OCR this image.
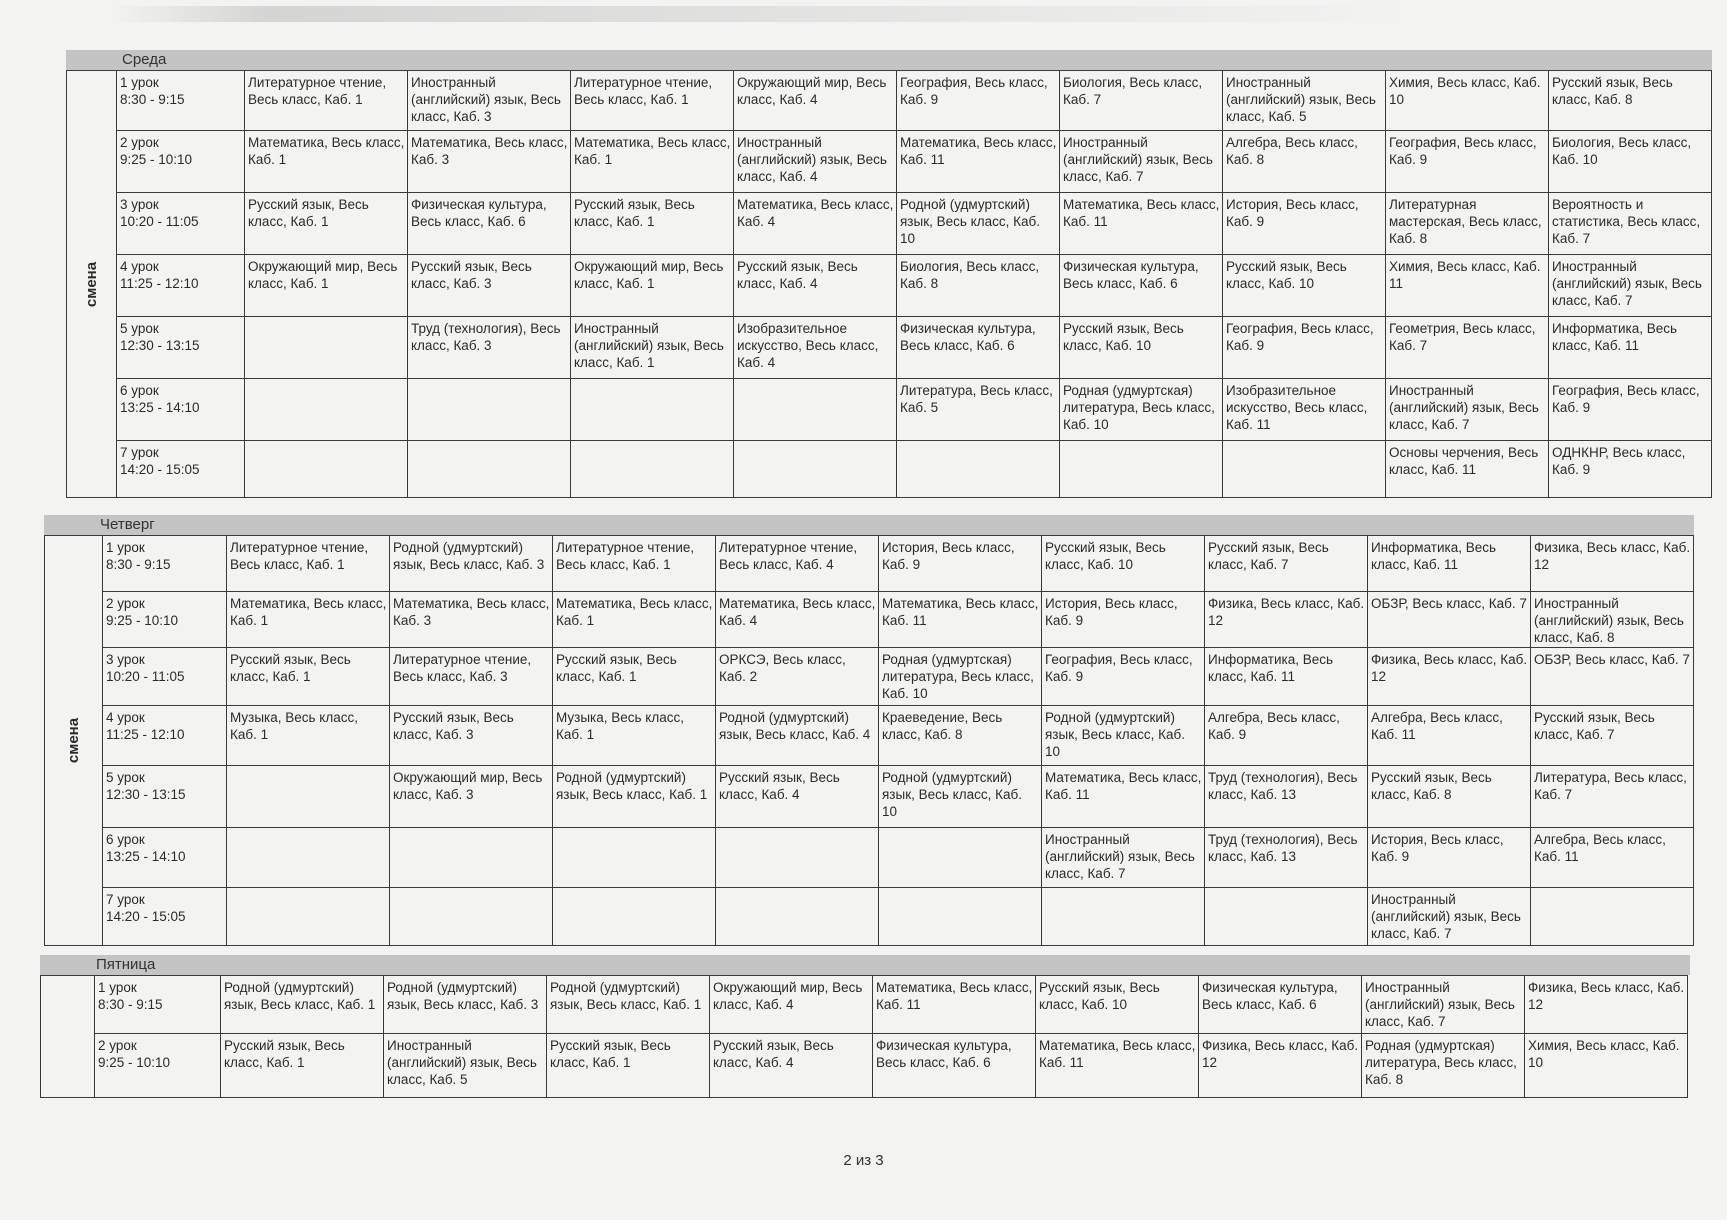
Среда
смена	1 урок
8:30 - 9:15	Литературное чтение, Весь класс, Каб. 1	Иностранный (английский) язык, Весь класс, Каб. 3	Литературное чтение, Весь класс, Каб. 1	Окружающий мир, Весь класс, Каб. 4	География, Весь класс, Каб. 9	Биология, Весь класс, Каб. 7	Иностранный (английский) язык, Весь класс, Каб. 5	Химия, Весь класс, Каб. 10	Русский язык, Весь класс, Каб. 8

	2 урок
9:25 - 10:10	Математика, Весь класс, Каб. 1	Математика, Весь класс, Каб. 3	Математика, Весь класс, Каб. 1	Иностранный (английский) язык, Весь класс, Каб. 4	Математика, Весь класс, Каб. 11	Иностранный (английский) язык, Весь класс, Каб. 7	Алгебра, Весь класс, Каб. 8	География, Весь класс, Каб. 9	Биология, Весь класс, Каб. 10

	3 урок
10:20 - 11:05	Русский язык, Весь класс, Каб. 1	Физическая культура, Весь класс, Каб. 6	Русский язык, Весь класс, Каб. 1	Математика, Весь класс, Каб. 4	Родной (удмуртский) язык, Весь класс, Каб. 10	Математика, Весь класс, Каб. 11	История, Весь класс, Каб. 9	Литературная мастерская, Весь класс, Каб. 8	Вероятность и статистика, Весь класс, Каб. 7

	4 урок
11:25 - 12:10	Окружающий мир, Весь класс, Каб. 1	Русский язык, Весь класс, Каб. 3	Окружающий мир, Весь класс, Каб. 1	Русский язык, Весь класс, Каб. 4	Биология, Весь класс, Каб. 8	Физическая культура, Весь класс, Каб. 6	Русский язык, Весь класс, Каб. 10	Химия, Весь класс, Каб. 11	Иностранный (английский) язык, Весь класс, Каб. 7

	5 урок
12:30 - 13:15		Труд (технология), Весь класс, Каб. 3	Иностранный (английский) язык, Весь класс, Каб. 1	Изобразительное искусство, Весь класс, Каб. 4	Физическая культура, Весь класс, Каб. 6	Русский язык, Весь класс, Каб. 10	География, Весь класс, Каб. 9	Геометрия, Весь класс, Каб. 7	Информатика, Весь класс, Каб. 11

	6 урок
13:25 - 14:10					Литература, Весь класс, Каб. 5	Родная (удмуртская) литература, Весь класс, Каб. 10	Изобразительное искусство, Весь класс, Каб. 11	Иностранный (английский) язык, Весь класс, Каб. 7	География, Весь класс, Каб. 9

	7 урок
14:20 - 15:05								Основы черчения, Весь класс, Каб. 11	ОДНКНР, Весь класс, Каб. 9
Четверг
смена	1 урок
8:30 - 9:15	Литературное чтение, Весь класс, Каб. 1	Родной (удмуртский) язык, Весь класс, Каб. 3	Литературное чтение, Весь класс, Каб. 1	Литературное чтение, Весь класс, Каб. 4	История, Весь класс, Каб. 9	Русский язык, Весь класс, Каб. 10	Русский язык, Весь класс, Каб. 7	Информатика, Весь класс, Каб. 11	Физика, Весь класс, Каб. 12

	2 урок
9:25 - 10:10	Математика, Весь класс, Каб. 1	Математика, Весь класс, Каб. 3	Математика, Весь класс, Каб. 1	Математика, Весь класс, Каб. 4	Математика, Весь класс, Каб. 11	История, Весь класс, Каб. 9	Физика, Весь класс, Каб. 12	ОБЗР, Весь класс, Каб. 7	Иностранный (английский) язык, Весь класс, Каб. 8

	3 урок
10:20 - 11:05	Русский язык, Весь класс, Каб. 1	Литературное чтение, Весь класс, Каб. 3	Русский язык, Весь класс, Каб. 1	ОРКСЭ, Весь класс, Каб. 2	Родная (удмуртская) литература, Весь класс, Каб. 10	География, Весь класс, Каб. 9	Информатика, Весь класс, Каб. 11	Физика, Весь класс, Каб. 12	ОБЗР, Весь класс, Каб. 7

	4 урок
11:25 - 12:10	Музыка, Весь класс, Каб. 1	Русский язык, Весь класс, Каб. 3	Музыка, Весь класс, Каб. 1	Родной (удмуртский) язык, Весь класс, Каб. 4	Краеведение, Весь класс, Каб. 8	Родной (удмуртский) язык, Весь класс, Каб. 10	Алгебра, Весь класс, Каб. 9	Алгебра, Весь класс, Каб. 11	Русский язык, Весь класс, Каб. 7

	5 урок
12:30 - 13:15		Окружающий мир, Весь класс, Каб. 3	Родной (удмуртский) язык, Весь класс, Каб. 1	Русский язык, Весь класс, Каб. 4	Родной (удмуртский) язык, Весь класс, Каб. 10	Математика, Весь класс, Каб. 11	Труд (технология), Весь класс, Каб. 13	Русский язык, Весь класс, Каб. 8	Литература, Весь класс, Каб. 7

	6 урок
13:25 - 14:10						Иностранный (английский) язык, Весь класс, Каб. 7	Труд (технология), Весь класс, Каб. 13	История, Весь класс, Каб. 9	Алгебра, Весь класс, Каб. 11

	7 урок
14:20 - 15:05								Иностранный (английский) язык, Весь класс, Каб. 7	
Пятница

	1 урок
8:30 - 9:15	Родной (удмуртский) язык, Весь класс, Каб. 1	Родной (удмуртский) язык, Весь класс, Каб. 3	Родной (удмуртский) язык, Весь класс, Каб. 1	Окружающий мир, Весь класс, Каб. 4	Математика, Весь класс, Каб. 11	Русский язык, Весь класс, Каб. 10	Физическая культура, Весь класс, Каб. 6	Иностранный (английский) язык, Весь класс, Каб. 7	Физика, Весь класс, Каб. 12

	2 урок
9:25 - 10:10	Русский язык, Весь класс, Каб. 1	Иностранный (английский) язык, Весь класс, Каб. 5	Русский язык, Весь класс, Каб. 1	Русский язык, Весь класс, Каб. 4	Физическая культура, Весь класс, Каб. 6	Математика, Весь класс, Каб. 11	Физика, Весь класс, Каб. 12	Родная (удмуртская) литература, Весь класс, Каб. 8	Химия, Весь класс, Каб. 10
2 из 3
